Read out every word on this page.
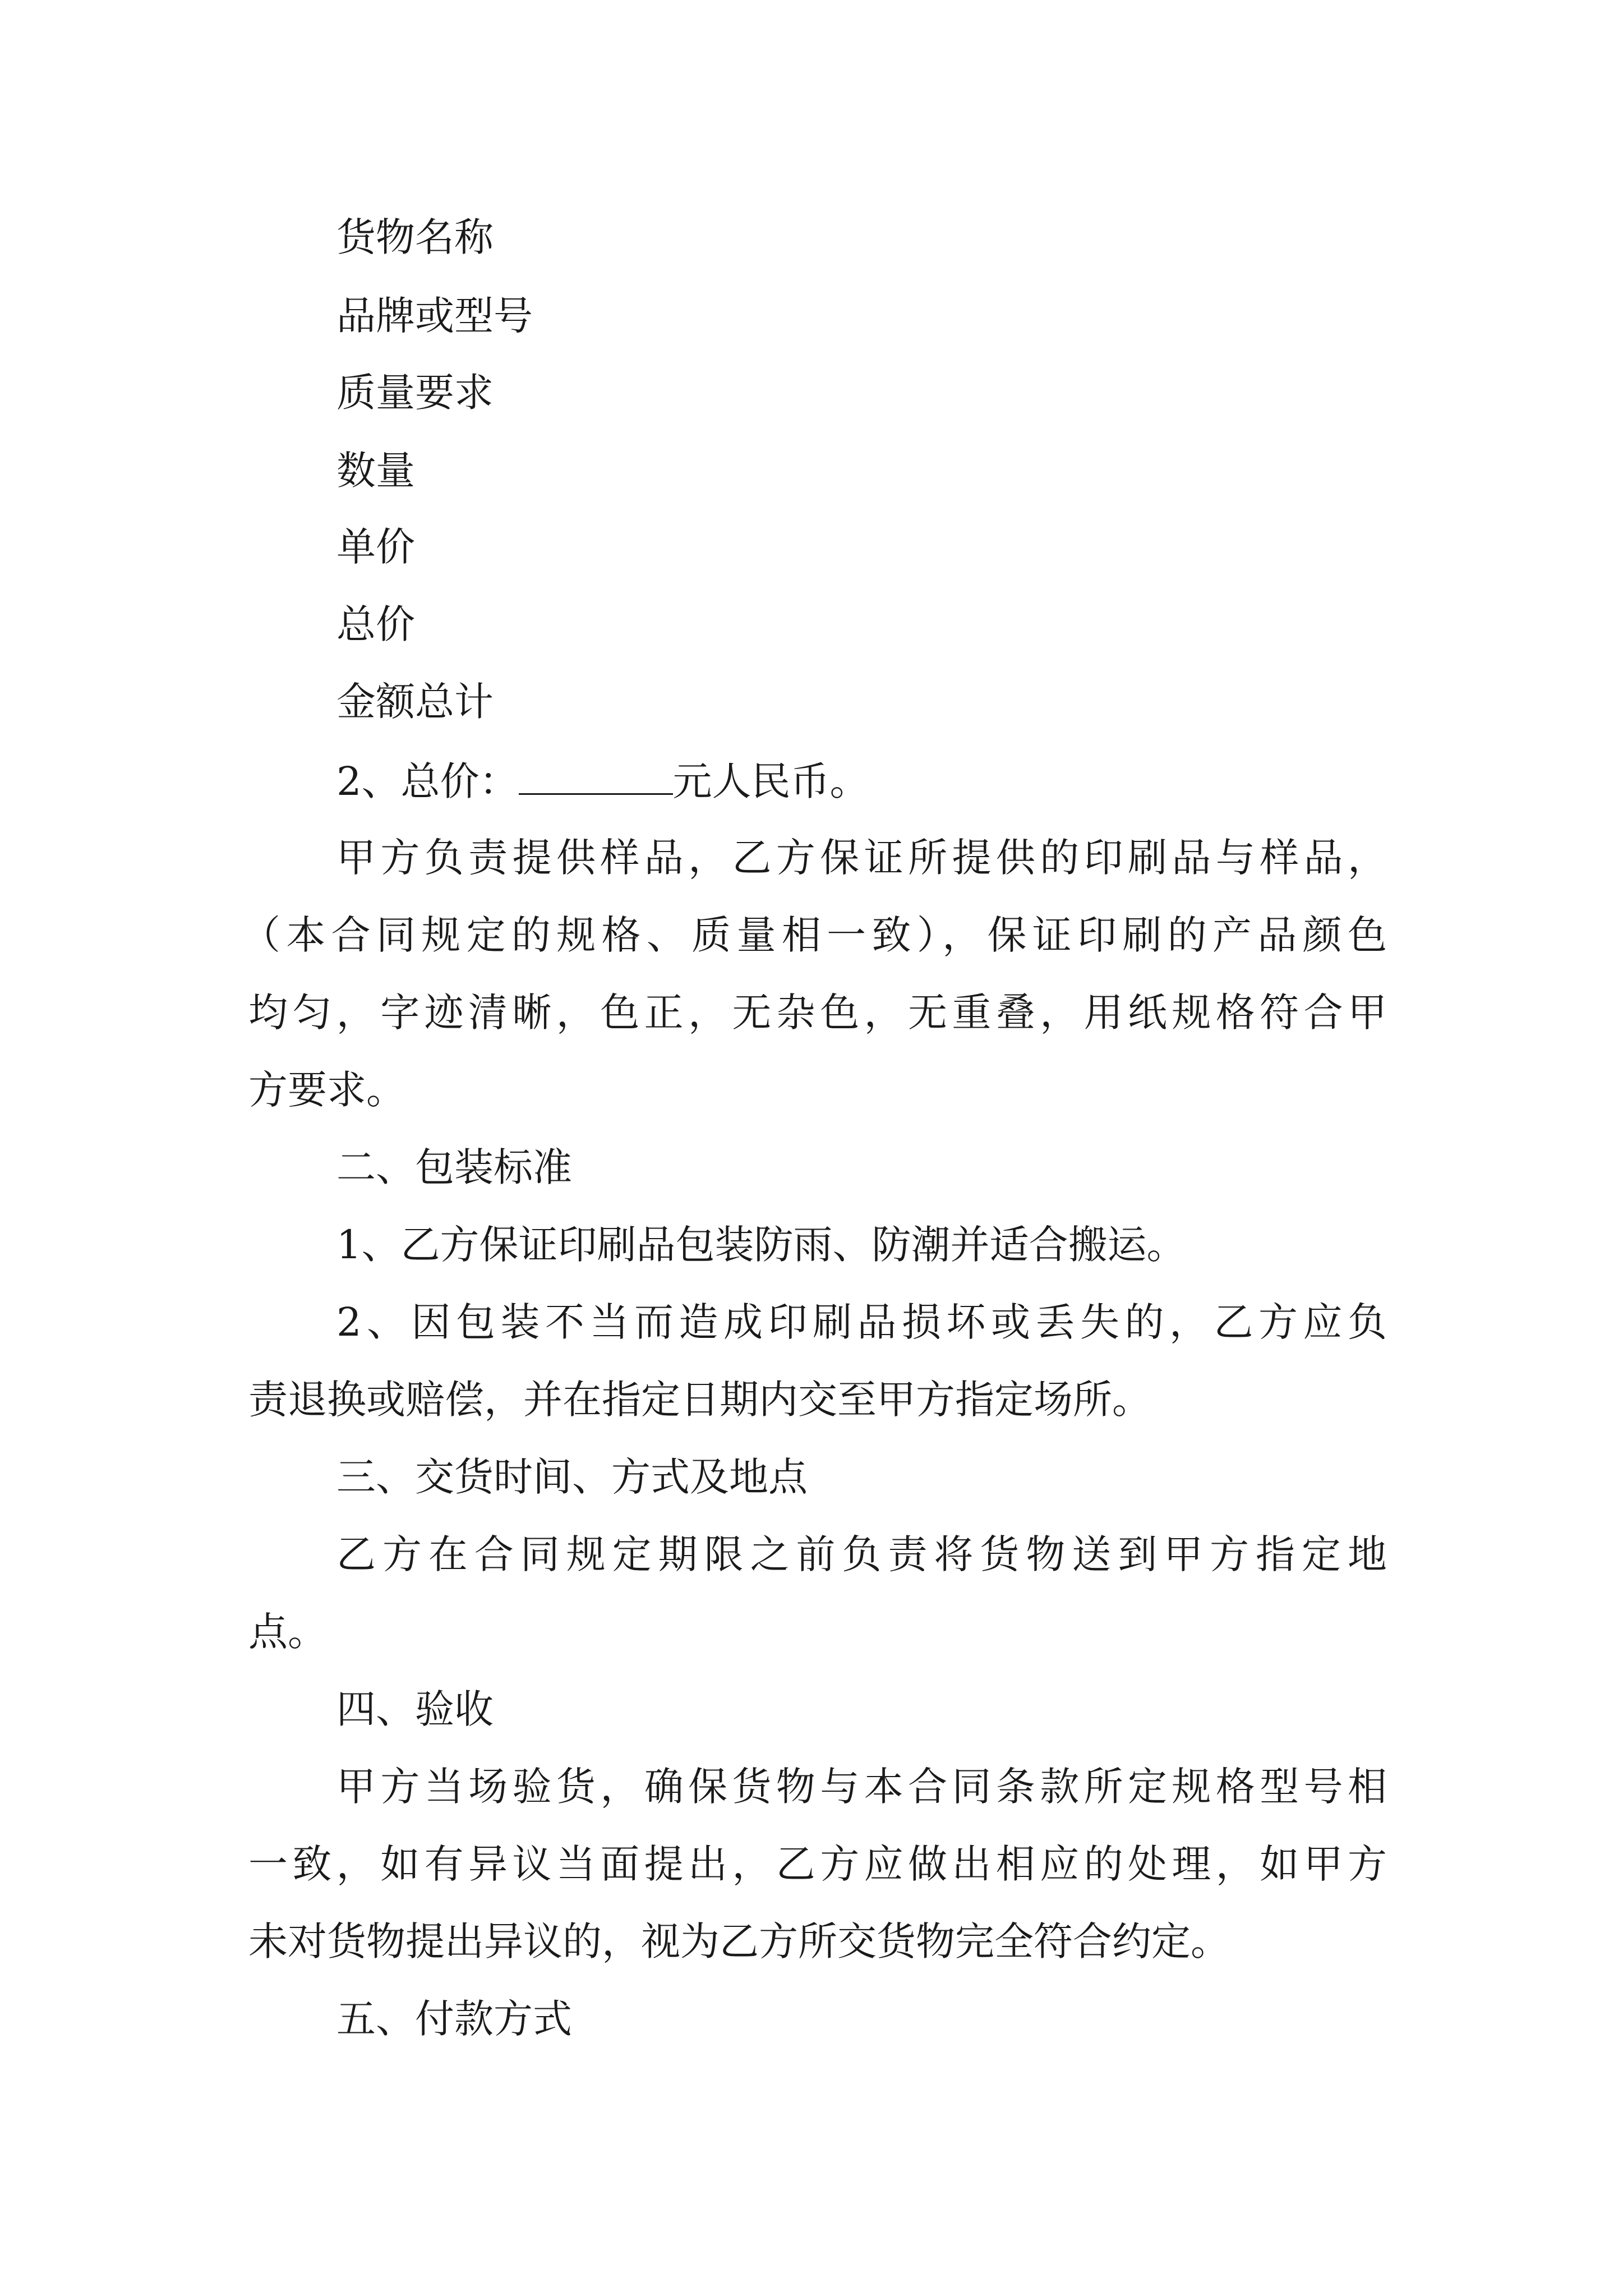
货物名称
品牌或型号
质量要求
数量
单价
总价
金额总计
2、总价：	元人民币。
甲方负责提供样品，乙方保证所提供的印刷品与样品，
（本合同规定的规格、质量相一致），保证印刷的产品颜色
均匀，字迹清晰，色正，无杂色，无重叠，用纸规格符合甲
方要求。
二、包装标准
1、乙方保证印刷品包装防雨、防潮并适合搬运。
2、因包装不当而造成印刷品损坏或丢失的，乙方应负
责退换或赔偿，并在指定日期内交至甲方指定场所。
三、交货时间、方式及地点
乙方在合同规定期限之前负责将货物送到甲方指定地
点。
四、验收
甲方当场验货，确保货物与本合同条款所定规格型号相
一致，如有异议当面提出，乙方应做出相应的处理，如甲方
未对货物提出异议的，视为乙方所交货物完全符合约定。
五、付款方式
